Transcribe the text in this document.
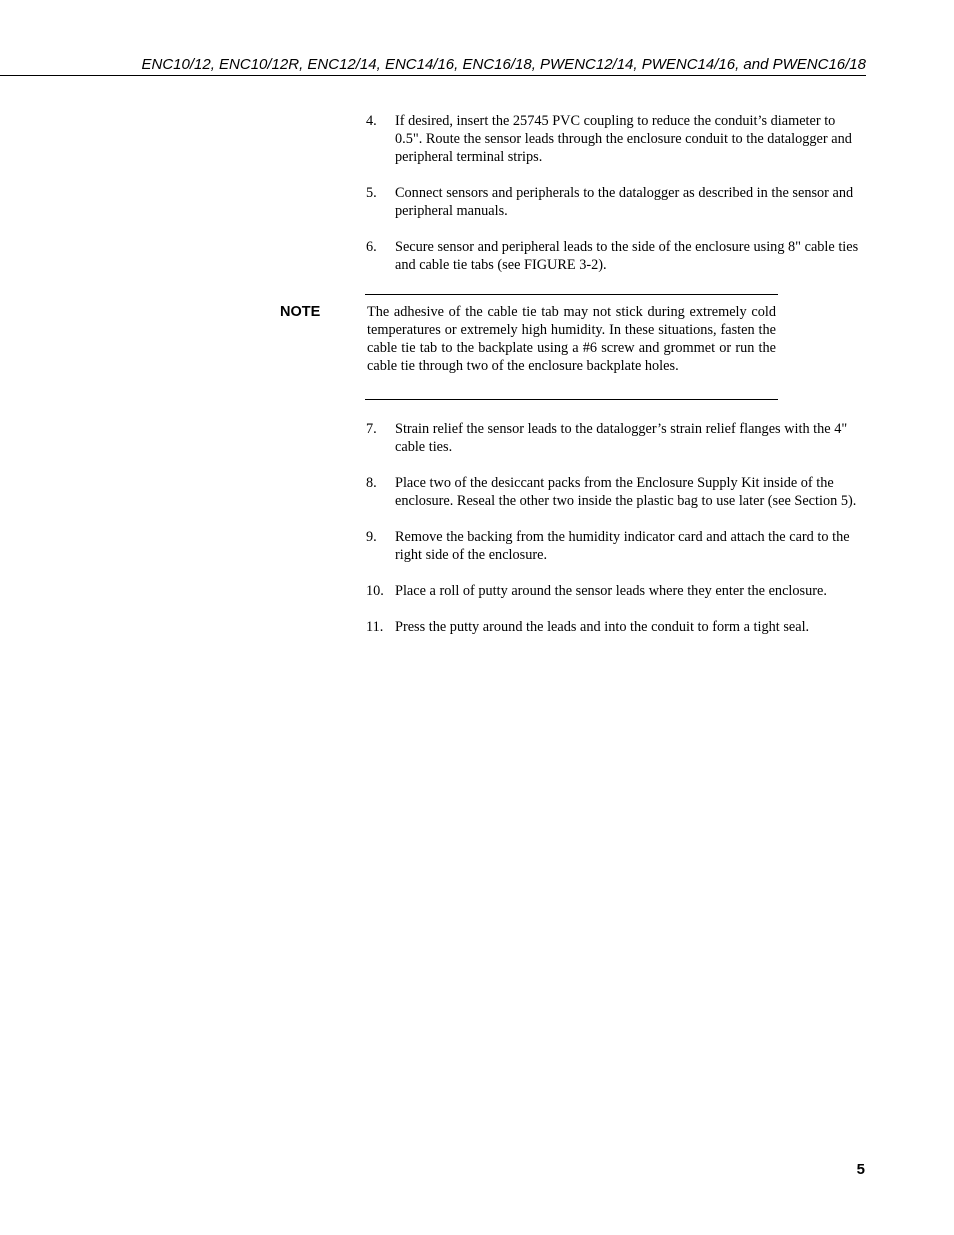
ENC10/12, ENC10/12R, ENC12/14, ENC14/16, ENC16/18, PWENC12/14, PWENC14/16, and PWENC16/18
4. If desired, insert the 25745 PVC coupling to reduce the conduit’s diameter to 0.5". Route the sensor leads through the enclosure conduit to the datalogger and peripheral terminal strips.
5. Connect sensors and peripherals to the datalogger as described in the sensor and peripheral manuals.
6. Secure sensor and peripheral leads to the side of the enclosure using 8" cable ties and cable tie tabs (see FIGURE 3-2).
NOTE	The adhesive of the cable tie tab may not stick during extremely cold temperatures or extremely high humidity. In these situations, fasten the cable tie tab to the backplate using a #6 screw and grommet or run the cable tie through two of the enclosure backplate holes.

7. Strain relief the sensor leads to the datalogger’s strain relief flanges with the 4" cable ties.
8. Place two of the desiccant packs from the Enclosure Supply Kit inside of the enclosure. Reseal the other two inside the plastic bag to use later (see Section 5).
9. Remove the backing from the humidity indicator card and attach the card to the right side of the enclosure.
10. Place a roll of putty around the sensor leads where they enter the enclosure.
11. Press the putty around the leads and into the conduit to form a tight seal.
5
